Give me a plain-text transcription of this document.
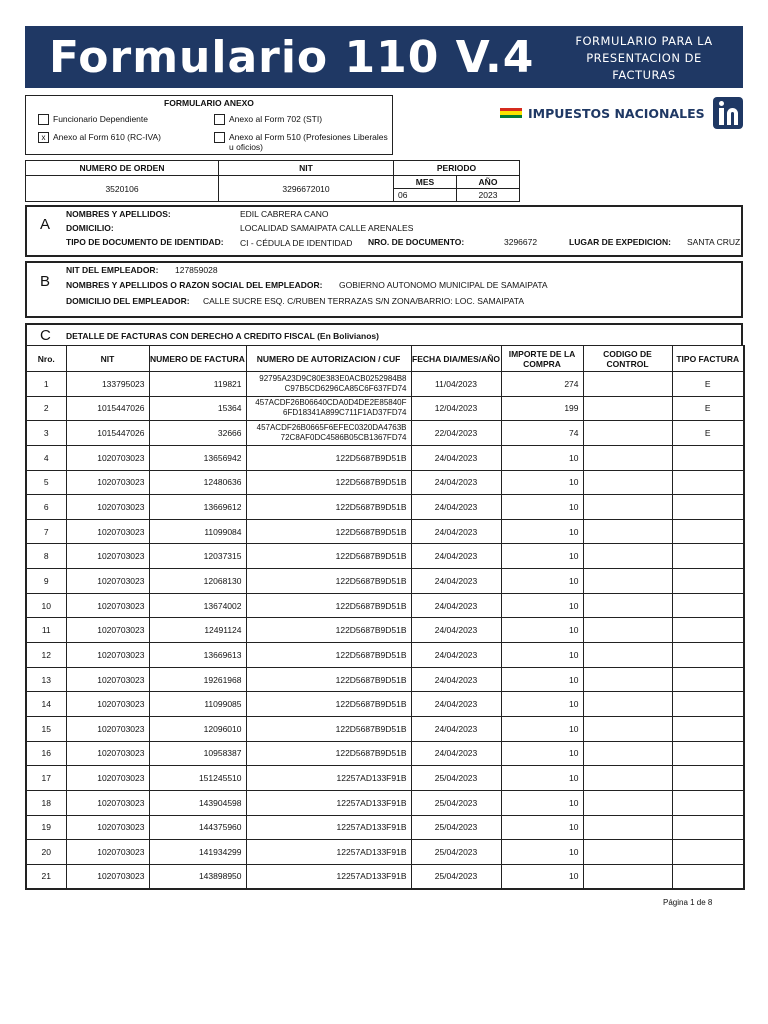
Formulario 110 V.4	FORMULARIO PARA LA PRESENTACION DE FACTURAS
FORMULARIO ANEXO
Funcionario Dependiente
x Anexo al Form 610 (RC-IVA)
Anexo al Form 702 (STI)
Anexo al Form 510 (Profesiones Liberales u oficios)
IMPUESTOS NACIONALES
NUMERO DE ORDEN	NIT	PERIODO
3520106	3296672010
MES	AÑO
06	2023
A
NOMBRES Y APELLIDOS:	EDIL CABRERA CANO
DOMICILIO:	LOCALIDAD SAMAIPATA CALLE ARENALES
TIPO DE DOCUMENTO DE IDENTIDAD: CI - CÉDULA DE IDENTIDAD NRO. DE DOCUMENTO:	3296672	LUGAR DE EXPEDICION: SANTA CRUZ
B
NIT DEL EMPLEADOR: 127859028
NOMBRES Y APELLIDOS O RAZON SOCIAL DEL EMPLEADOR: GOBIERNO AUTONOMO MUNICIPAL DE SAMAIPATA
DOMICILIO DEL EMPLEADOR: CALLE SUCRE ESQ. C/RUBEN TERRAZAS S/N ZONA/BARRIO: LOC. SAMAIPATA
C DETALLE DE FACTURAS CON DERECHO A CREDITO FISCAL (En Bolivianos)
Nro.	NIT	NUMERO DE FACTURA	NUMERO DE AUTORIZACION / CUF	FECHA DIA/MES/AÑO	IMPORTE DE LA COMPRA	CODIGO DE CONTROL	TIPO FACTURA
1	133795023	119821	92795A23D9C80E383E0ACB0252984B8
C97B5CD6296CA85C6F637FD74	11/04/2023	274		E
2	1015447026	15364	457ACDF26B06640CDA0D4DE2E85840F
6FD18341A899C711F1AD37FD74	12/04/2023	199		E
3	1015447026	32666	457ACDF26B0665F6EFEC0320DA4763B
72C8AF0DC4586B05CB1367FD74	22/04/2023	74		E
4	1020703023	13656942	122D5687B9D51B	24/04/2023	10		
5	1020703023	12480636	122D5687B9D51B	24/04/2023	10		
6	1020703023	13669612	122D5687B9D51B	24/04/2023	10		
7	1020703023	11099084	122D5687B9D51B	24/04/2023	10		
8	1020703023	12037315	122D5687B9D51B	24/04/2023	10		
9	1020703023	12068130	122D5687B9D51B	24/04/2023	10		
10	1020703023	13674002	122D5687B9D51B	24/04/2023	10		
11	1020703023	12491124	122D5687B9D51B	24/04/2023	10		
12	1020703023	13669613	122D5687B9D51B	24/04/2023	10		
13	1020703023	19261968	122D5687B9D51B	24/04/2023	10		
14	1020703023	11099085	122D5687B9D51B	24/04/2023	10		
15	1020703023	12096010	122D5687B9D51B	24/04/2023	10		
16	1020703023	10958387	122D5687B9D51B	24/04/2023	10		
17	1020703023	151245510	12257AD133F91B	25/04/2023	10		
18	1020703023	143904598	12257AD133F91B	25/04/2023	10		
19	1020703023	144375960	12257AD133F91B	25/04/2023	10		
20	1020703023	141934299	12257AD133F91B	25/04/2023	10		
21	1020703023	143898950	12257AD133F91B	25/04/2023	10		
Página 1 de 8
